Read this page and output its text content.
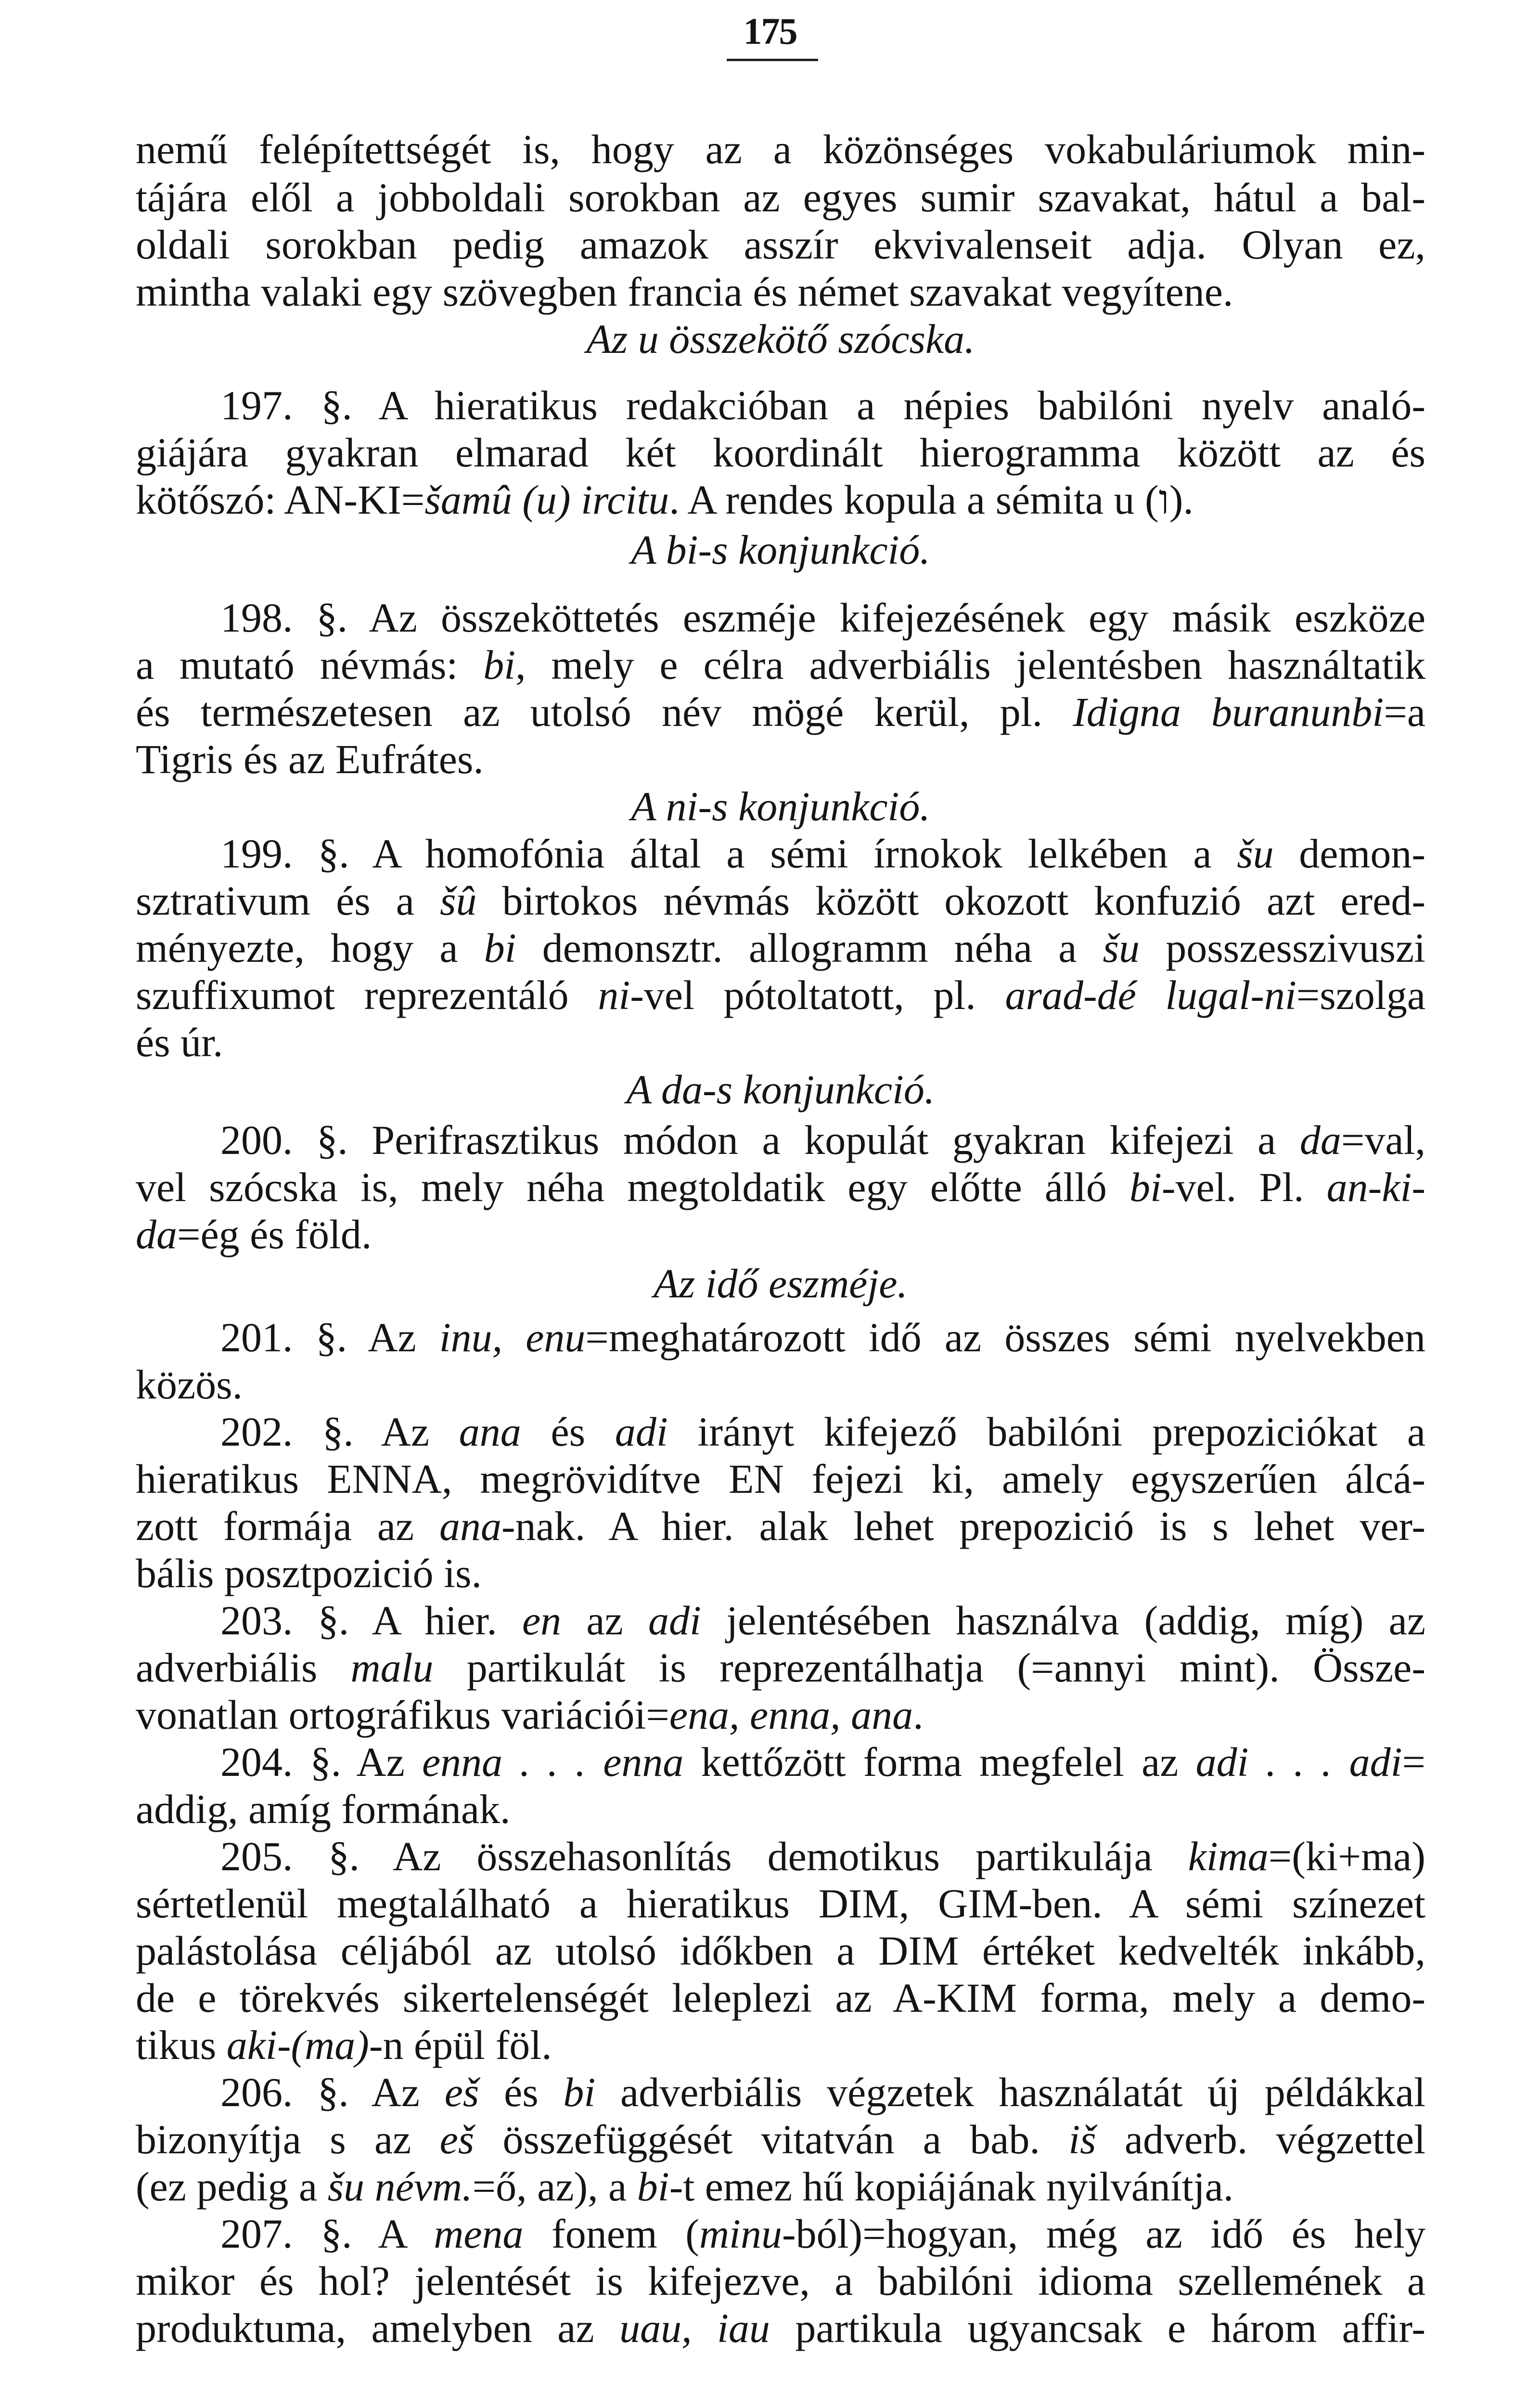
175
nemű felépítettségét is, hogy az a közönséges vokabuláriumok min-
tájára elől a jobboldali sorokban az egyes sumir szavakat, hátul a bal-
oldali sorokban pedig amazok asszír ekvivalenseit adja. Olyan ez,
mintha valaki egy szövegben francia és német szavakat vegyítene.
Az u összekötő szócska.
197. §. A hieratikus redakcióban a népies babilóni nyelv analó-
giájára gyakran elmarad két koordinált hierogramma között az és
kötőszó: AN-KI=šamû (u) ircitu. A rendes kopula a sémita u (ו).
A bi-s konjunkció.
198. §. Az összeköttetés eszméje kifejezésének egy másik eszköze
a mutató névmás: bi, mely e célra adverbiális jelentésben használtatik
és természetesen az utolsó név mögé kerül, pl. Idigna buranunbi=a
Tigris és az Eufrátes.
A ni-s konjunkció.
199. §. A homofónia által a sémi írnokok lelkében a šu demon-
sztrativum és a šû birtokos névmás között okozott konfuzió azt ered-
ményezte, hogy a bi demonsztr. allogramm néha a šu posszesszivuszi
szuffixumot reprezentáló ni-vel pótoltatott, pl. arad-dé lugal-ni=szolga
és úr.
A da-s konjunkció.
200. §. Perifrasztikus módon a kopulát gyakran kifejezi a da=val,
vel szócska is, mely néha megtoldatik egy előtte álló bi-vel. Pl. an-ki-
da=ég és föld.
Az idő eszméje.
201. §. Az inu, enu=meghatározott idő az összes sémi nyelvekben
közös.
202. §. Az ana és adi irányt kifejező babilóni prepoziciókat a
hieratikus ENNA, megrövidítve EN fejezi ki, amely egyszerűen álcá-
zott formája az ana-nak. A hier. alak lehet prepozició is s lehet ver-
bális posztpozició is.
203. §. A hier. en az adi jelentésében használva (addig, míg) az
adverbiális malu partikulát is reprezentálhatja (=annyi mint). Össze-
vonatlan ortográfikus variációi=ena, enna, ana.
204. §. Az enna . . . enna kettőzött forma megfelel az adi . . . adi=
addig, amíg formának.
205. §. Az összehasonlítás demotikus partikulája kima=(ki+ma)
sértetlenül megtalálható a hieratikus DIM, GIM-ben. A sémi színezet
palástolása céljából az utolsó időkben a DIM értéket kedvelték inkább,
de e törekvés sikertelenségét leleplezi az A-KIM forma, mely a demo-
tikus aki-(ma)-n épül föl.
206. §. Az eš és bi adverbiális végzetek használatát új példákkal
bizonyítja s az eš összefüggését vitatván a bab. iš adverb. végzettel
(ez pedig a šu névm.=ő, az), a bi-t emez hű kopiájának nyilvánítja.
207. §. A mena fonem (minu-ból)=hogyan, még az idő és hely
mikor és hol? jelentését is kifejezve, a babilóni idioma szellemének a
produktuma, amelyben az uau, iau partikula ugyancsak e három affir-
